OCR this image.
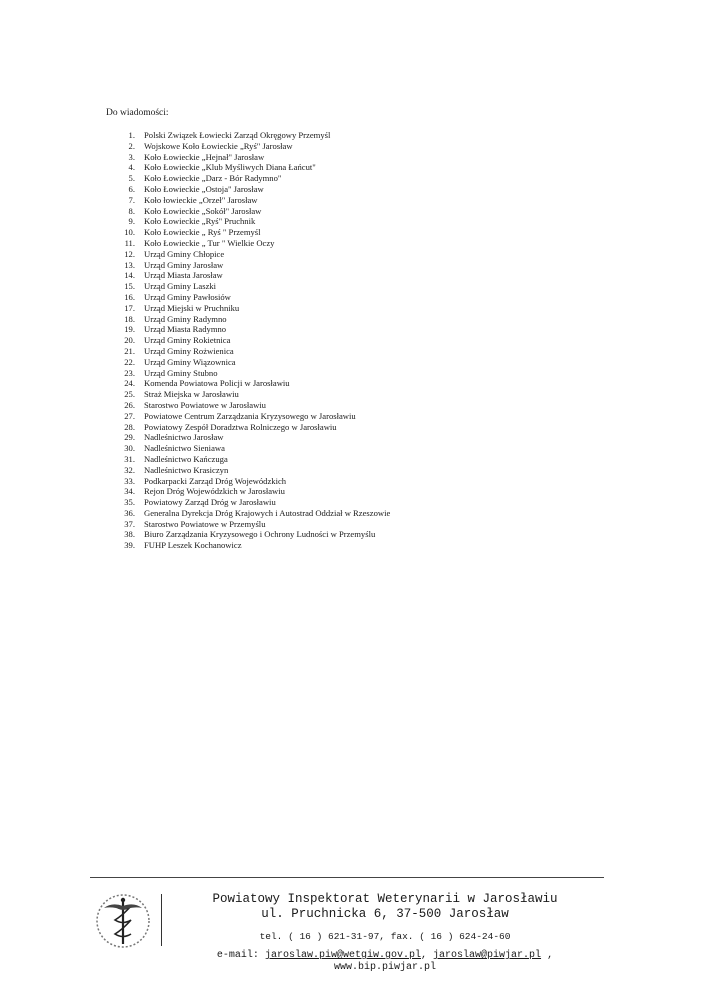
Do wiadomości:

1. Polski Związek Łowiecki Zarząd Okręgowy Przemyśl
2. Wojskowe Koło Łowieckie „Ryś" Jarosław
3. Koło Łowieckie „Hejnał" Jarosław
4. Koło Łowieckie „Klub Myśliwych Diana Łańcut"
5. Koło Łowieckie „Darz - Bór Radymno"
6. Koło Łowieckie „Ostoja" Jarosław
7. Koło łowieckie „Orzeł" Jarosław
8. Koło Łowieckie „Sokół" Jarosław
9. Koło Łowieckie „Ryś" Pruchnik
10. Koło Łowieckie „ Ryś " Przemyśl
11. Koło Łowieckie „ Tur " Wielkie Oczy
12. Urząd Gminy Chłopice
13. Urząd Gminy Jarosław
14. Urząd Miasta Jarosław
15. Urząd Gminy Laszki
16. Urząd Gminy Pawłosiów
17. Urząd Miejski w Pruchniku
18. Urząd Gminy Radymno
19. Urząd Miasta Radymno
20. Urząd Gminy Rokietnica
21. Urząd Gminy Rożwienica
22. Urząd Gminy Wiązownica
23. Urząd Gminy Stubno
24. Komenda Powiatowa Policji w Jarosławiu
25. Straż Miejska w Jarosławiu
26. Starostwo Powiatowe w Jarosławiu
27. Powiatowe Centrum Zarządzania Kryzysowego w Jarosławiu
28. Powiatowy Zespół Doradztwa Rolniczego w Jarosławiu
29. Nadleśnictwo Jarosław
30. Nadleśnictwo Sieniawa
31. Nadleśnictwo Kańczuga
32. Nadleśnictwo Krasiczyn
33. Podkarpacki Zarząd Dróg Wojewódzkich
34. Rejon Dróg Wojewódzkich w Jarosławiu
35. Powiatowy Zarząd Dróg w Jarosławiu
36. Generalna Dyrekcja Dróg Krajowych i Autostrad Oddział w Rzeszowie
37. Starostwo Powiatowe w Przemyślu
38. Biuro Zarządzania Kryzysowego i Ochrony Ludności w Przemyślu
39. FUHP Leszek Kochanowicz
Powiatowy Inspektorat Weterynarii w Jarosławiu
ul. Pruchnicka 6, 37-500 Jarosław
tel. ( 16 ) 621-31-97, fax. ( 16 ) 624-24-60
e-mail: jaroslaw.piw@wetgiw.gov.pl, jaroslaw@piwjar.pl , www.bip.piwjar.pl
